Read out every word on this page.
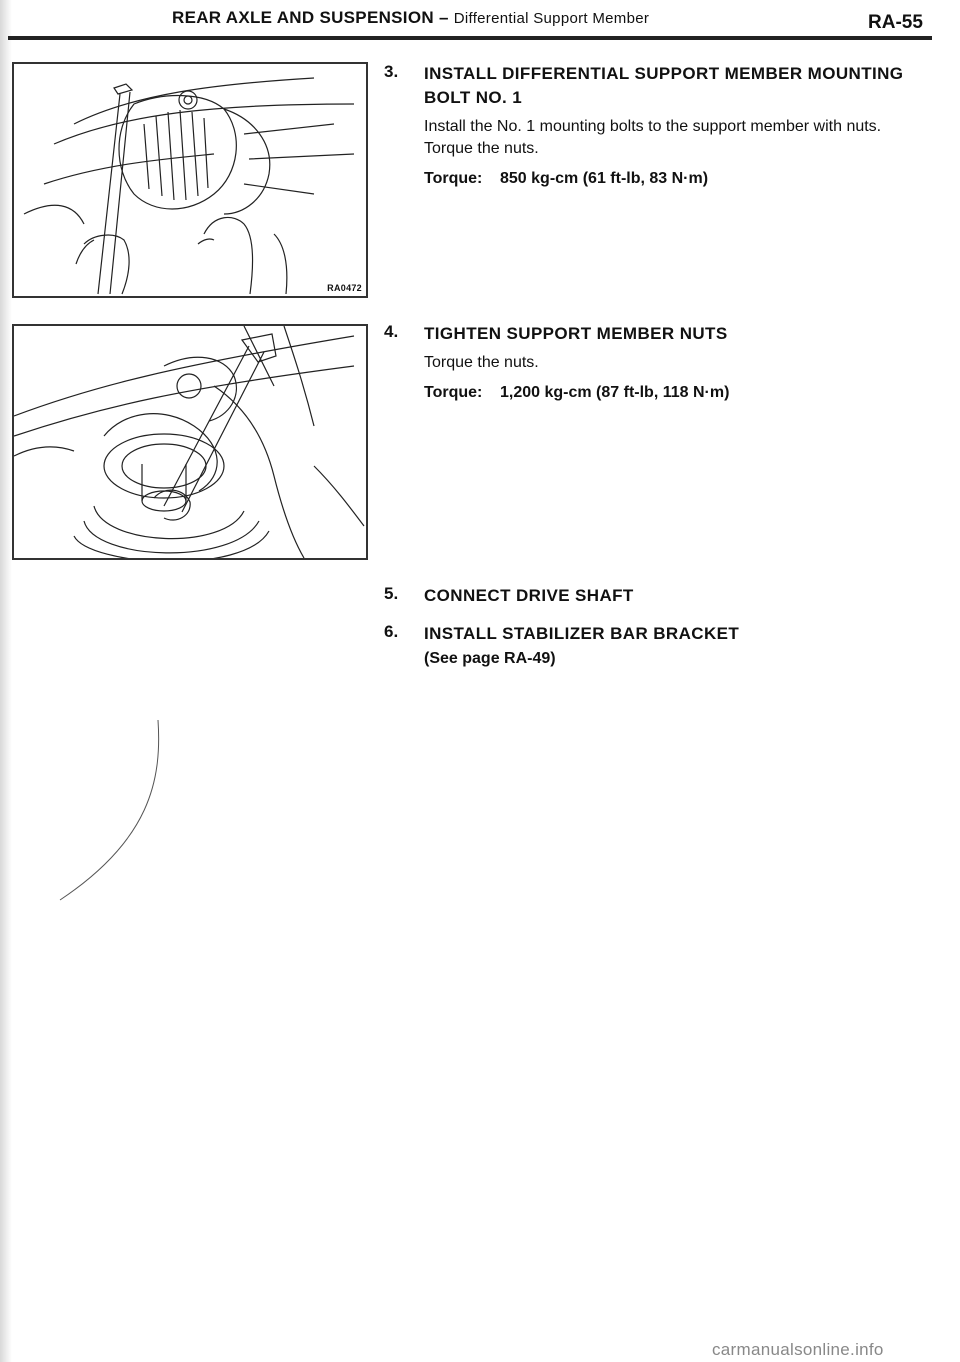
REAR AXLE AND SUSPENSION – Differential Support Member	RA-55
RA0472
3. INSTALL DIFFERENTIAL SUPPORT MEMBER MOUNTING BOLT NO. 1
Install the No. 1 mounting bolts to the support member with nuts. Torque the nuts.
Torque: 850 kg-cm (61 ft-lb, 83 N·m)
4. TIGHTEN SUPPORT MEMBER NUTS
Torque the nuts.
Torque: 1,200 kg-cm (87 ft-lb, 118 N·m)
5. CONNECT DRIVE SHAFT
6. INSTALL STABILIZER BAR BRACKET
(See page RA-49)
carmanualsonline.info
